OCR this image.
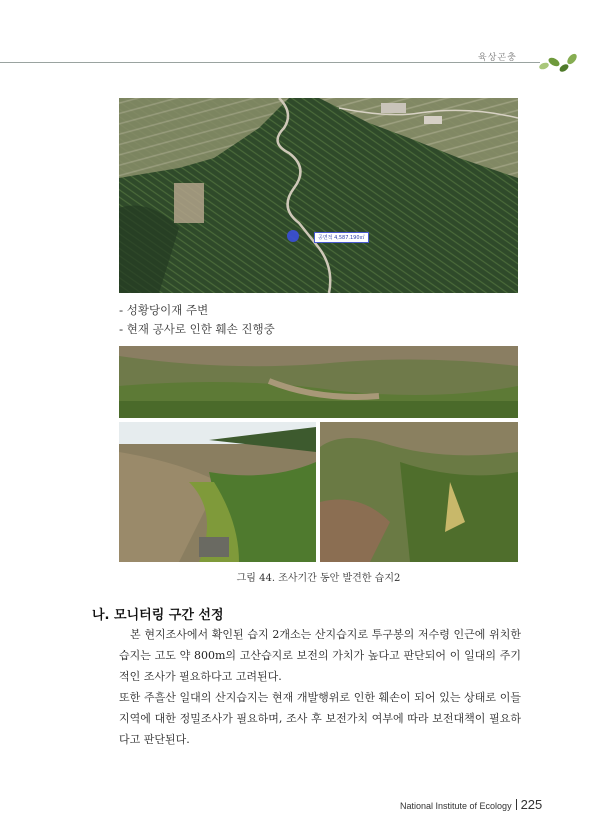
육상곤충
공면적 4,587.190㎡
- 성황당이재 주변
- 현재 공사로 인한 훼손 진행중
그림 44. 조사기간 동안 발견한 습지2
나. 모니터링 구간 선정
본 현지조사에서 확인된 습지 2개소는 산지습지로 투구봉의 저수령 인근에 위치한 습지는 고도 약 800m의 고산습지로 보전의 가치가 높다고 판단되어 이 일대의 주기적인 조사가 필요하다고 고려된다.
또한 주흘산 일대의 산지습지는 현재 개발행위로 인한 훼손이 되어 있는 상태로 이들 지역에 대한 정밀조사가 필요하며, 조사 후 보전가치 여부에 따라 보전대책이 필요하다고 판단된다.
National Institute of Ecology 225
